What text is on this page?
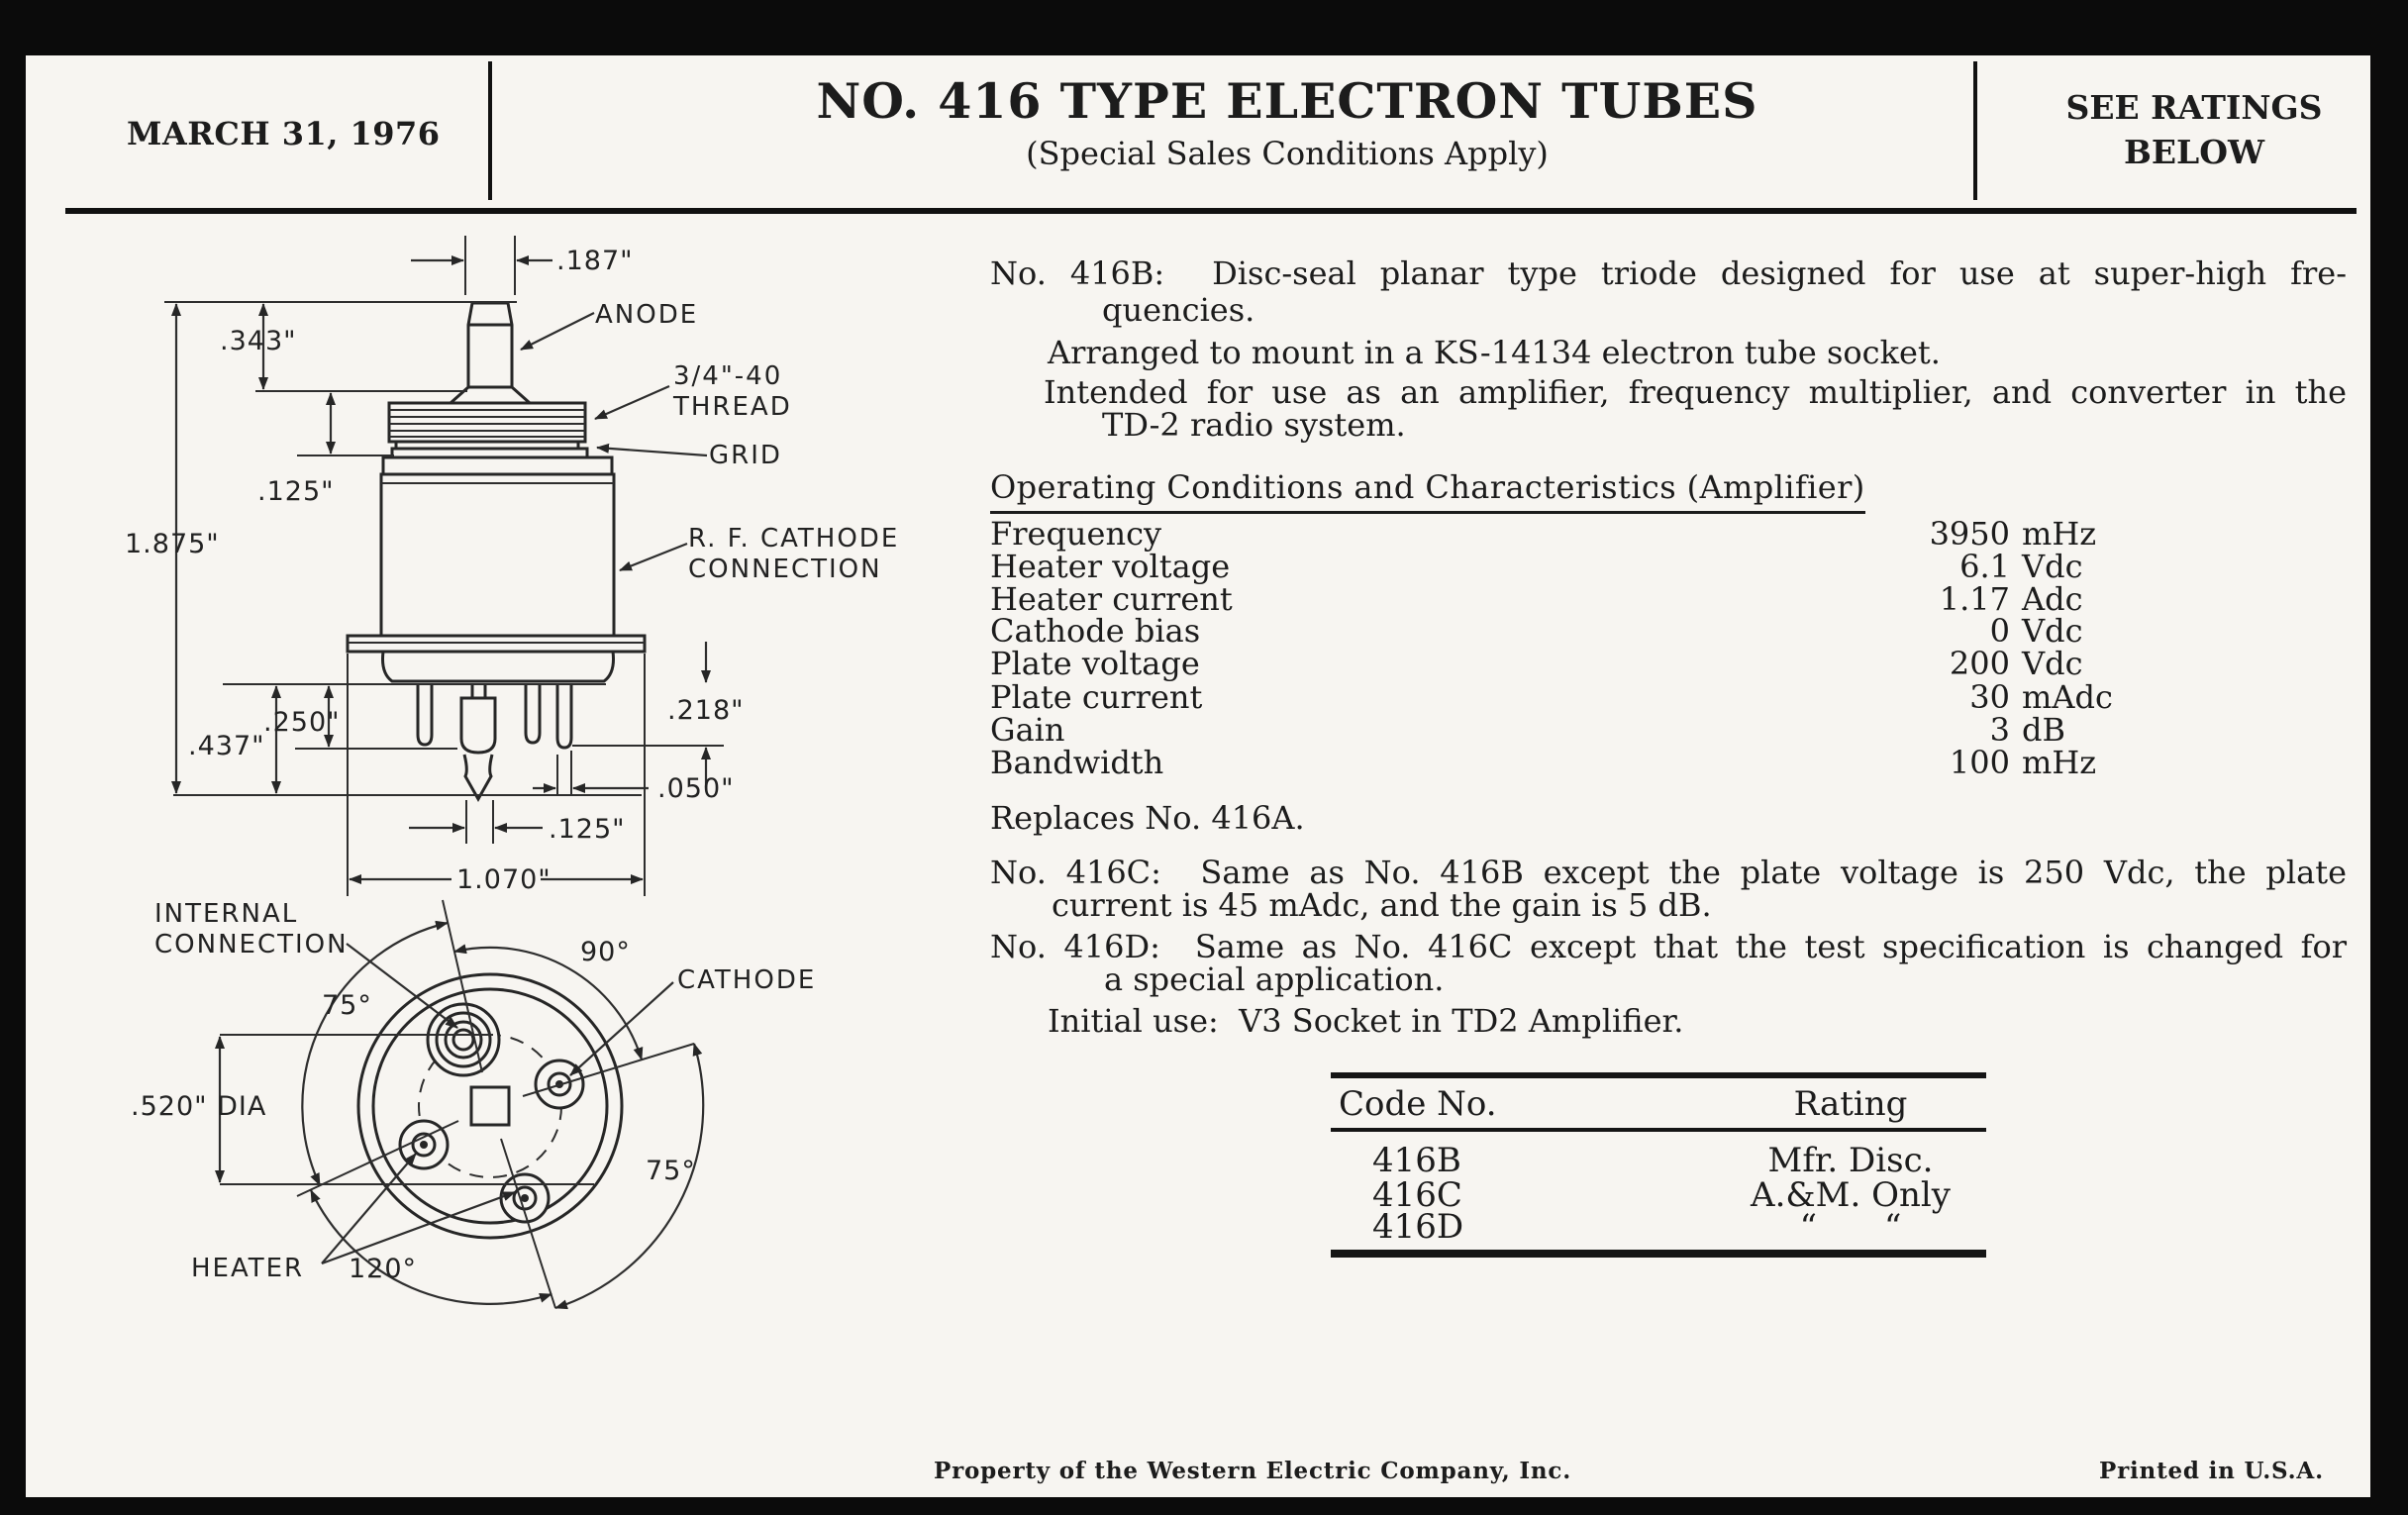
MARCH 31, 1976
NO. 416 TYPE ELECTRON TUBES
(Special Sales Conditions Apply)
SEE RATINGS
BELOW
No. 416B:  Disc-seal planar type triode designed for use at super-high fre-
quencies.
Arranged to mount in a KS-14134 electron tube socket.
Intended for use as an amplifier, frequency multiplier, and converter in the
TD-2 radio system.
Operating Conditions and Characteristics (Amplifier)
Frequency	3950 mHz
Heater voltage	6.1 Vdc
Heater current	1.17 Adc
Cathode bias	0 Vdc
Plate voltage	200 Vdc
Plate current	30 mAdc
Gain	3 dB
Bandwidth	100 mHz
Replaces No. 416A.
No. 416C:  Same as No. 416B except the plate voltage is 250 Vdc, the plate
current is 45 mAdc, and the gain is 5 dB.
No. 416D:  Same as No. 416C except that the test specification is changed for
a special application.
Initial use:  V3 Socket in TD2 Amplifier.
Code No.	Rating
416B	Mfr. Disc.
416C	A.&M. Only
416D	“  “
Property of the Western Electric Company, Inc.	Printed in U.S.A.
.187"
.343"
.125"
1.875"
.250"
.437"
.218"
.050"
.125"
1.070"
ANODE
3/4"-40
THREAD
GRID
R. F. CATHODE
CONNECTION
INTERNAL
CONNECTION	90°
75°
CATHODE
.520" DIA
75°
HEATER 120°
